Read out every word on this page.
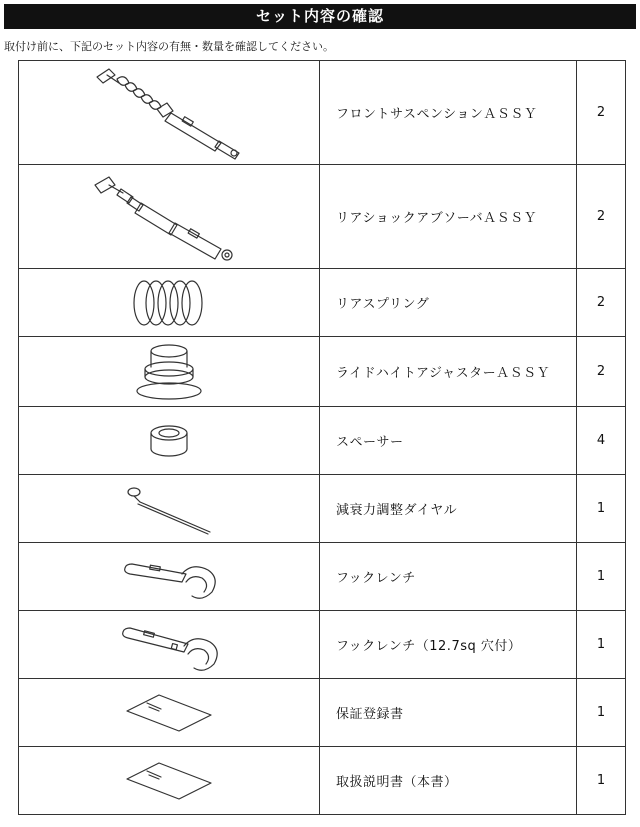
セット内容の確認
取付け前に、下記のセット内容の有無・数量を確認してください。
	フロントサスペンションＡＳＳＹ	2

	リアショックアブソーバＡＳＳＹ	2

	リアスプリング	2

	ライドハイトアジャスターＡＳＳＹ	2

	スペーサー	4

	減衰力調整ダイヤル	1

	フックレンチ	1

	フックレンチ（12.7sq 穴付）	1

	保証登録書	1

	取扱説明書（本書）	1
